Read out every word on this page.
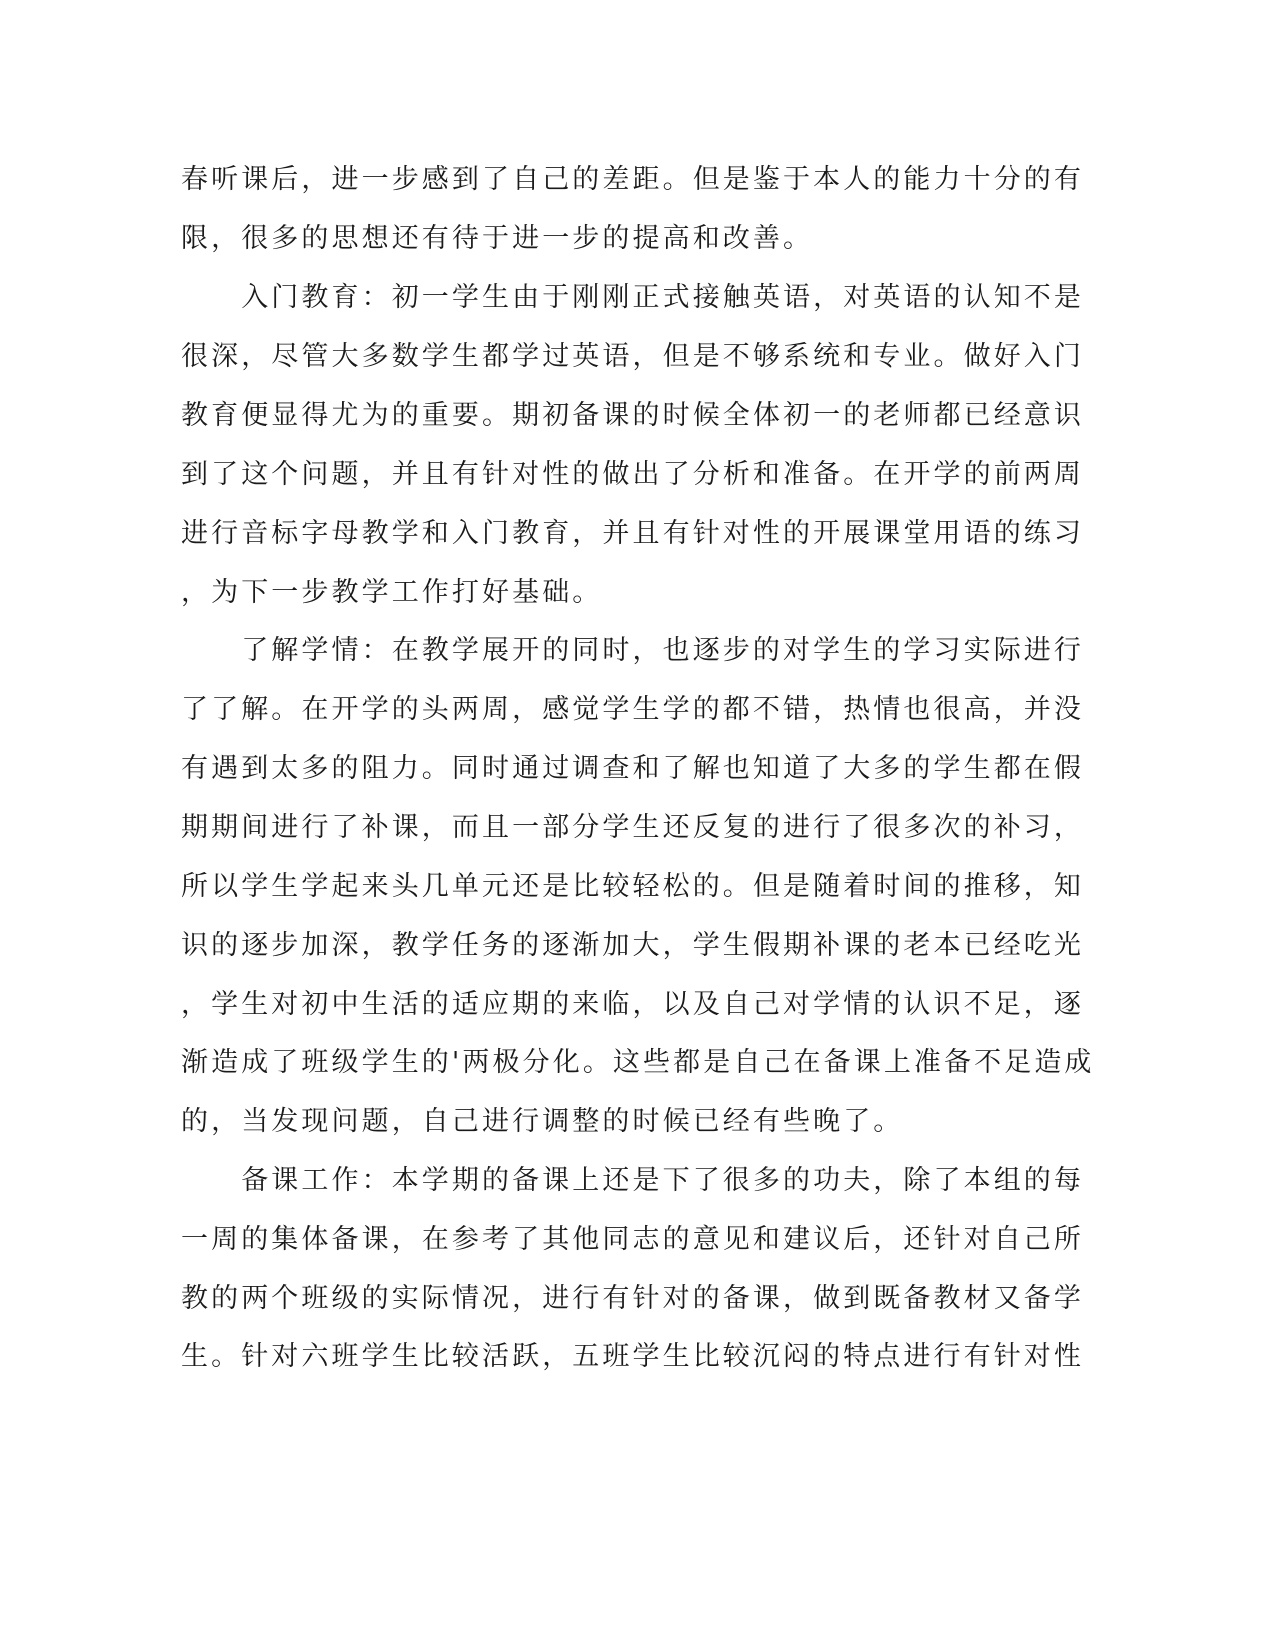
春听课后，进一步感到了自己的差距。但是鉴于本人的能力十分的有
限，很多的思想还有待于进一步的提高和改善。
　　入门教育：初一学生由于刚刚正式接触英语，对英语的认知不是
很深，尽管大多数学生都学过英语，但是不够系统和专业。做好入门
教育便显得尤为的重要。期初备课的时候全体初一的老师都已经意识
到了这个问题，并且有针对性的做出了分析和准备。在开学的前两周
进行音标字母教学和入门教育，并且有针对性的开展课堂用语的练习
，为下一步教学工作打好基础。
　　了解学情：在教学展开的同时，也逐步的对学生的学习实际进行
了了解。在开学的头两周，感觉学生学的都不错，热情也很高，并没
有遇到太多的阻力。同时通过调查和了解也知道了大多的学生都在假
期期间进行了补课，而且一部分学生还反复的进行了很多次的补习，
所以学生学起来头几单元还是比较轻松的。但是随着时间的推移，知
识的逐步加深，教学任务的逐渐加大，学生假期补课的老本已经吃光
，学生对初中生活的适应期的来临，以及自己对学情的认识不足，逐
渐造成了班级学生的'两极分化。这些都是自己在备课上准备不足造成
的，当发现问题，自己进行调整的时候已经有些晚了。
　　备课工作：本学期的备课上还是下了很多的功夫，除了本组的每
一周的集体备课，在参考了其他同志的意见和建议后，还针对自己所
教的两个班级的实际情况，进行有针对的备课，做到既备教材又备学
生。针对六班学生比较活跃，五班学生比较沉闷的特点进行有针对性
